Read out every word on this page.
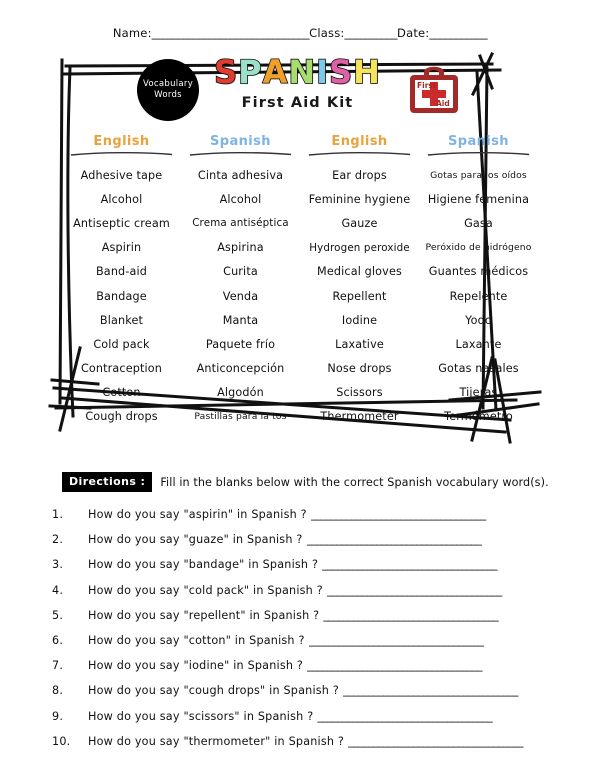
Name: ______________________________ Class: __________ Date: ___________
Vocabulary
Words
SPANISH
First Aid Kit
First
Aid
English	Spanish	English	Spanish
Adhesive tape	Cinta adhesiva	Ear drops	Gotas para los oídos
Alcohol	Alcohol	Feminine hygiene	Higiene femenina
Antiseptic cream	Crema antiséptica	Gauze	Gasa
Aspirin	Aspirina	Hydrogen peroxide	Peróxido de hidrógeno
Band-aid	Curita	Medical gloves	Guantes médicos
Bandage	Venda	Repellent	Repelente
Blanket	Manta	Iodine	Yodo
Cold pack	Paquete frío	Laxative	Laxante
Contraception	Anticoncepción	Nose drops	Gotas nasales
Cotton	Algodón	Scissors	Tijeras
Cough drops	Pastillas para la tos	Thermometer	Termómetro
Directions :	Fill in the blanks below with the correct Spanish vocabulary word(s).
1.	How do you say "aspirin" in Spanish ? ___________________________________
2.	How do you say "guaze" in Spanish ? ___________________________________
3.	How do you say "bandage" in Spanish ? ___________________________________
4.	How do you say "cold pack" in Spanish ? ___________________________________
5.	How do you say "repellent" in Spanish ? ___________________________________
6.	How do you say "cotton" in Spanish ? ___________________________________
7.	How do you say "iodine" in Spanish ? ___________________________________
8.	How do you say "cough drops" in Spanish ? ___________________________________
9.	How do you say "scissors" in Spanish ? ___________________________________
10.	How do you say "thermometer" in Spanish ? ___________________________________
